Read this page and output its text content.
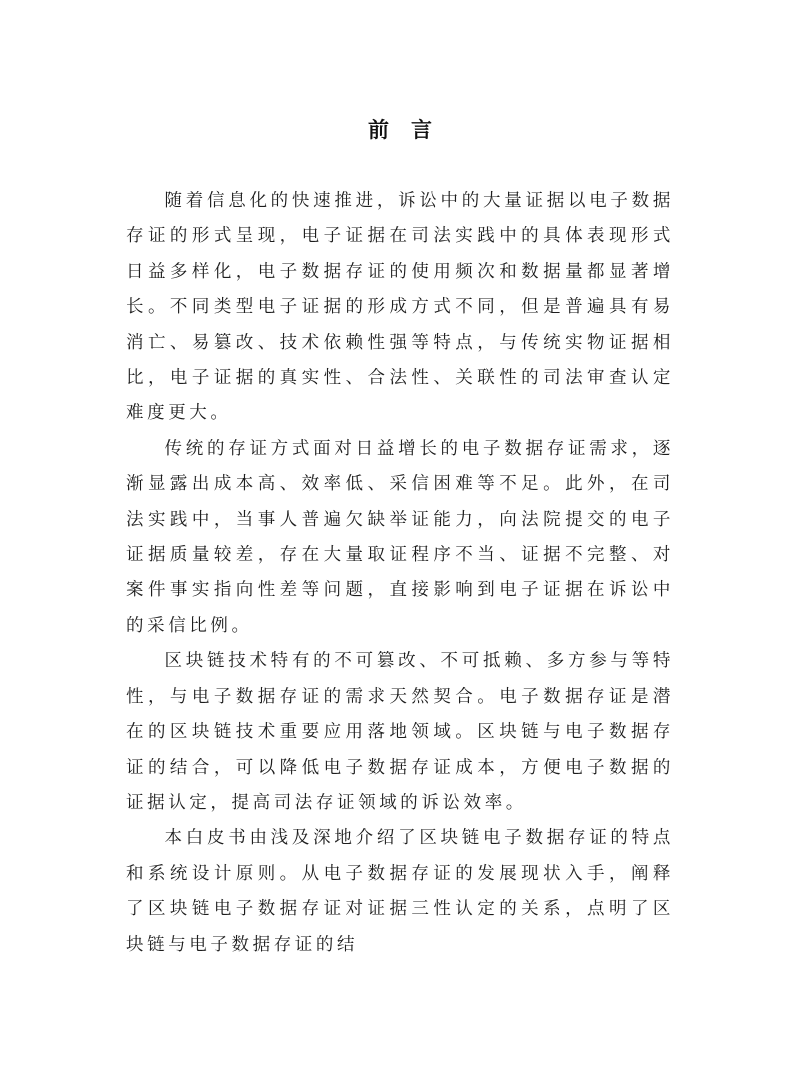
前言

随着信息化的快速推进，诉讼中的大量证据以电子数据存证的形式呈现，电子证据在司法实践中的具体表现形式日益多样化，电子数据存证的使用频次和数据量都显著增长。不同类型电子证据的形成方式不同，但是普遍具有易消亡、易篡改、技术依赖性强等特点，与传统实物证据相比，电子证据的真实性、合法性、关联性的司法审查认定难度更大。

传统的存证方式面对日益增长的电子数据存证需求，逐渐显露出成本高、效率低、采信困难等不足。此外，在司法实践中，当事人普遍欠缺举证能力，向法院提交的电子证据质量较差，存在大量取证程序不当、证据不完整、对案件事实指向性差等问题，直接影响到电子证据在诉讼中的采信比例。

区块链技术特有的不可篡改、不可抵赖、多方参与等特性，与电子数据存证的需求天然契合。电子数据存证是潜在的区块链技术重要应用落地领域。区块链与电子数据存证的结合，可以降低电子数据存证成本，方便电子数据的证据认定，提高司法存证领域的诉讼效率。

本白皮书由浅及深地介绍了区块链电子数据存证的特点和系统设计原则。从电子数据存证的发展现状入手，阐释了区块链电子数据存证对证据三性认定的关系，点明了区块链与电子数据存证的结
